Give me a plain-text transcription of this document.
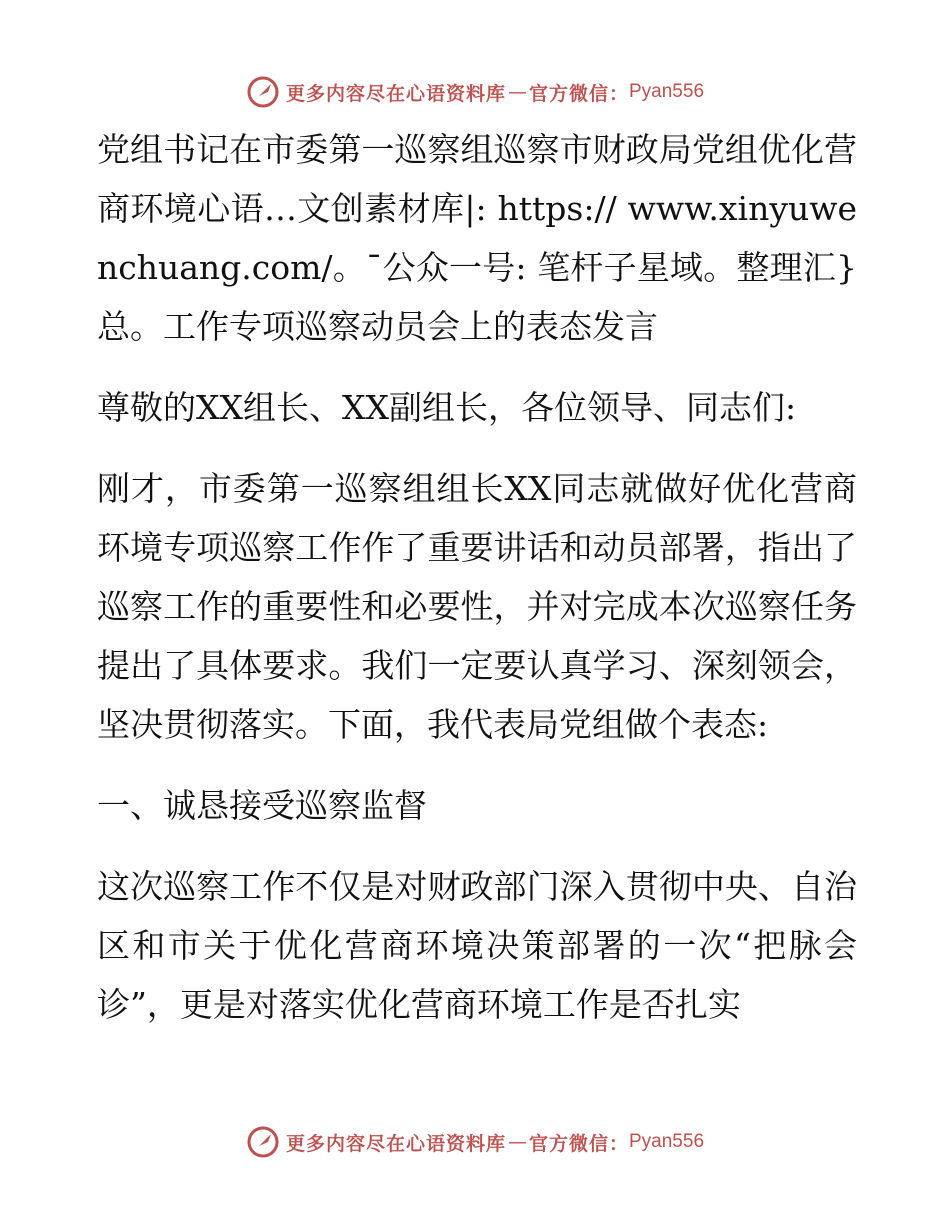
更多内容尽在心语资料库 — 官方微信： Pyan556

党组书记在市委第一巡察组巡察市财政局党组优化营商环境心语…文创素材库|: https:// www.xinyuwenchuang.com/。¯公众一号: 笔杆子星域。整理汇}总。工作专项巡察动员会上的表态发言

尊敬的XX组长、XX副组长，各位领导、同志们:

刚才，市委第一巡察组组长XX同志就做好优化营商环境专项巡察工作作了重要讲话和动员部署，指出了巡察工作的重要性和必要性，并对完成本次巡察任务提出了具体要求。我们一定要认真学习、深刻领会，坚决贯彻落实。下面，我代表局党组做个表态:

一、诚恳接受巡察监督

这次巡察工作不仅是对财政部门深入贯彻中央、自治区和市关于优化营商环境决策部署的一次“把脉会诊”，更是对落实优化营商环境工作是否扎实

更多内容尽在心语资料库 — 官方微信： Pyan556
